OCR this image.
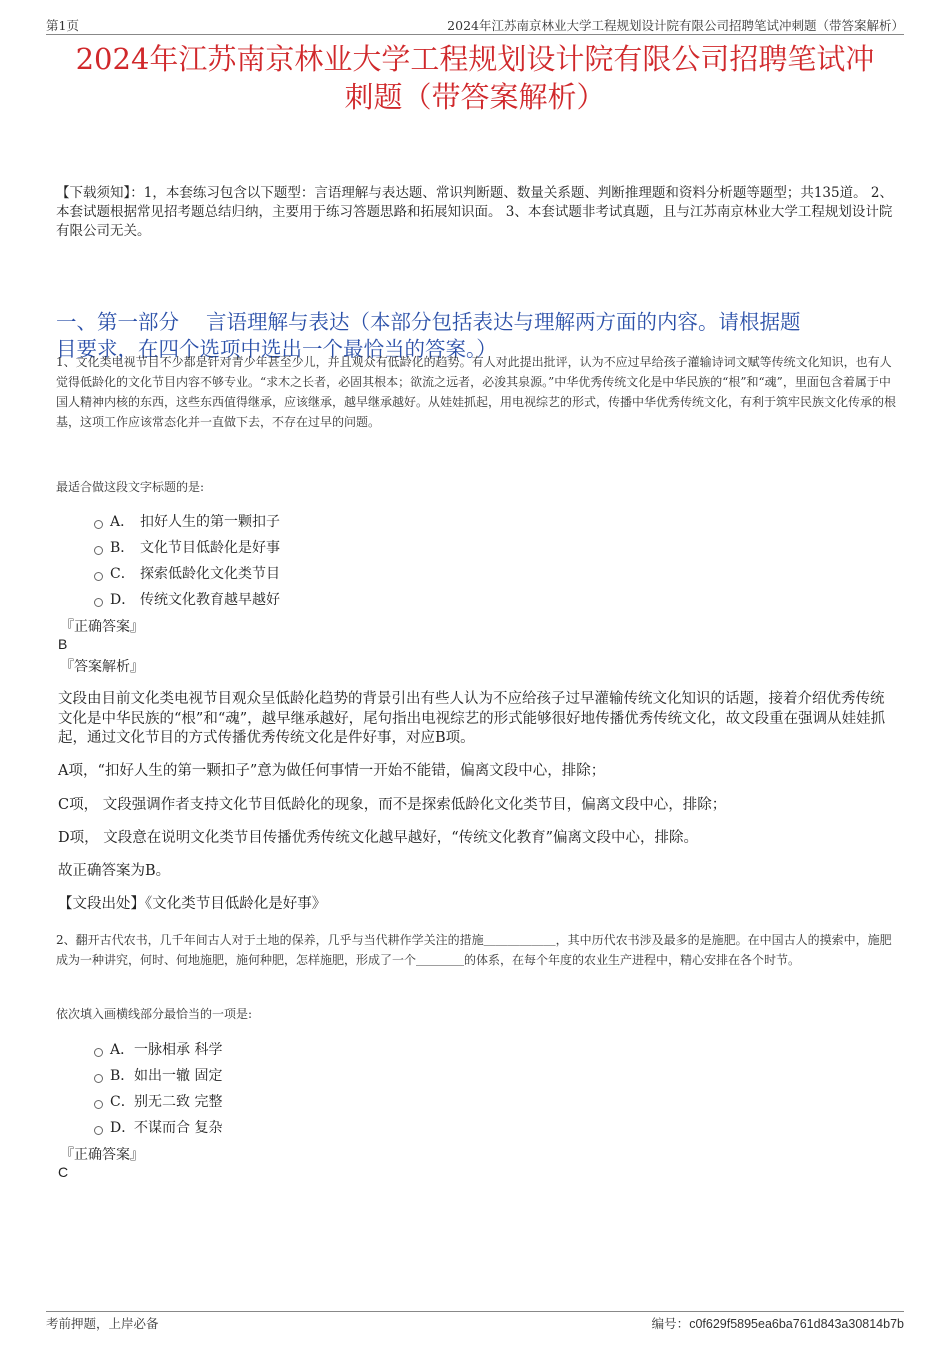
第1页	2024年江苏南京林业大学工程规划设计院有限公司招聘笔试冲刺题（带答案解析）
2024年江苏南京林业大学工程规划设计院有限公司招聘笔试冲
刺题（带答案解析）
【下载须知】：1，本套练习包含以下题型：言语理解与表达题、常识判断题、数量关系题、判断推理题和资料分析题等题型；共135道。 2、本套试题根据常见招考题总结归纳，主要用于练习答题思路和拓展知识面。 3、本套试题非考试真题，且与江苏南京林业大学工程规划设计院有限公司无关。
一、第一部分　 言语理解与表达（本部分包括表达与理解两方面的内容。请根据题
目要求，在四个选项中选出一个最恰当的答案。）
1、文化类电视节目不少都是针对青少年甚至少儿，并且观众有低龄化的趋势。有人对此提出批评，认为不应过早给孩子灌输诗词文赋等传统文化知识，也有人觉得低龄化的文化节目内容不够专业。“求木之长者，必固其根本；欲流之远者，必浚其泉源。”中华优秀传统文化是中华民族的“根”和“魂”，里面包含着属于中国人精神内核的东西，这些东西值得继承，应该继承，越早继承越好。从娃娃抓起，用电视综艺的形式，传播中华优秀传统文化，有利于筑牢民族文化传承的根基，这项工作应该常态化并一直做下去，不存在过早的问题。
最适合做这段文字标题的是:
A． 扣好人生的第一颗扣子
B． 文化节目低龄化是好事
C． 探索低龄化文化类节目
D． 传统文化教育越早越好
『正确答案』
B
『答案解析』
文段由目前文化类电视节目观众呈低龄化趋势的背景引出有些人认为不应给孩子过早灌输传统文化知识的话题，接着介绍优秀传统文化是中华民族的“根”和“魂”，越早继承越好，尾句指出电视综艺的形式能够很好地传播优秀传统文化，故文段重在强调从娃娃抓起，通过文化节目的方式传播优秀传统文化是件好事，对应B项。
A项，“扣好人生的第一颗扣子”意为做任何事情一开始不能错，偏离文段中心，排除；
C项， 文段强调作者支持文化节目低龄化的现象，而不是探索低龄化文化类节目，偏离文段中心，排除；
D项， 文段意在说明文化类节目传播优秀传统文化越早越好，“传统文化教育”偏离文段中心，排除。
故正确答案为B。
【文段出处】《文化类节目低龄化是好事》
2、翻开古代农书，几千年间古人对于土地的保养，几乎与当代耕作学关注的措施＿＿＿＿＿＿，其中历代农书涉及最多的是施肥。在中国古人的摸索中，施肥成为一种讲究，何时、何地施肥，施何种肥，怎样施肥，形成了一个＿＿＿＿的体系，在每个年度的农业生产进程中，精心安排在各个时节。
依次填入画横线部分最恰当的一项是:
A． 一脉相承 科学
B． 如出一辙 固定
C． 别无二致 完整
D．
不谋而合 复杂
『正确答案』
C
考前押题，上岸必备	编号：c0f629f5895ea6ba761d843a30814b7b
